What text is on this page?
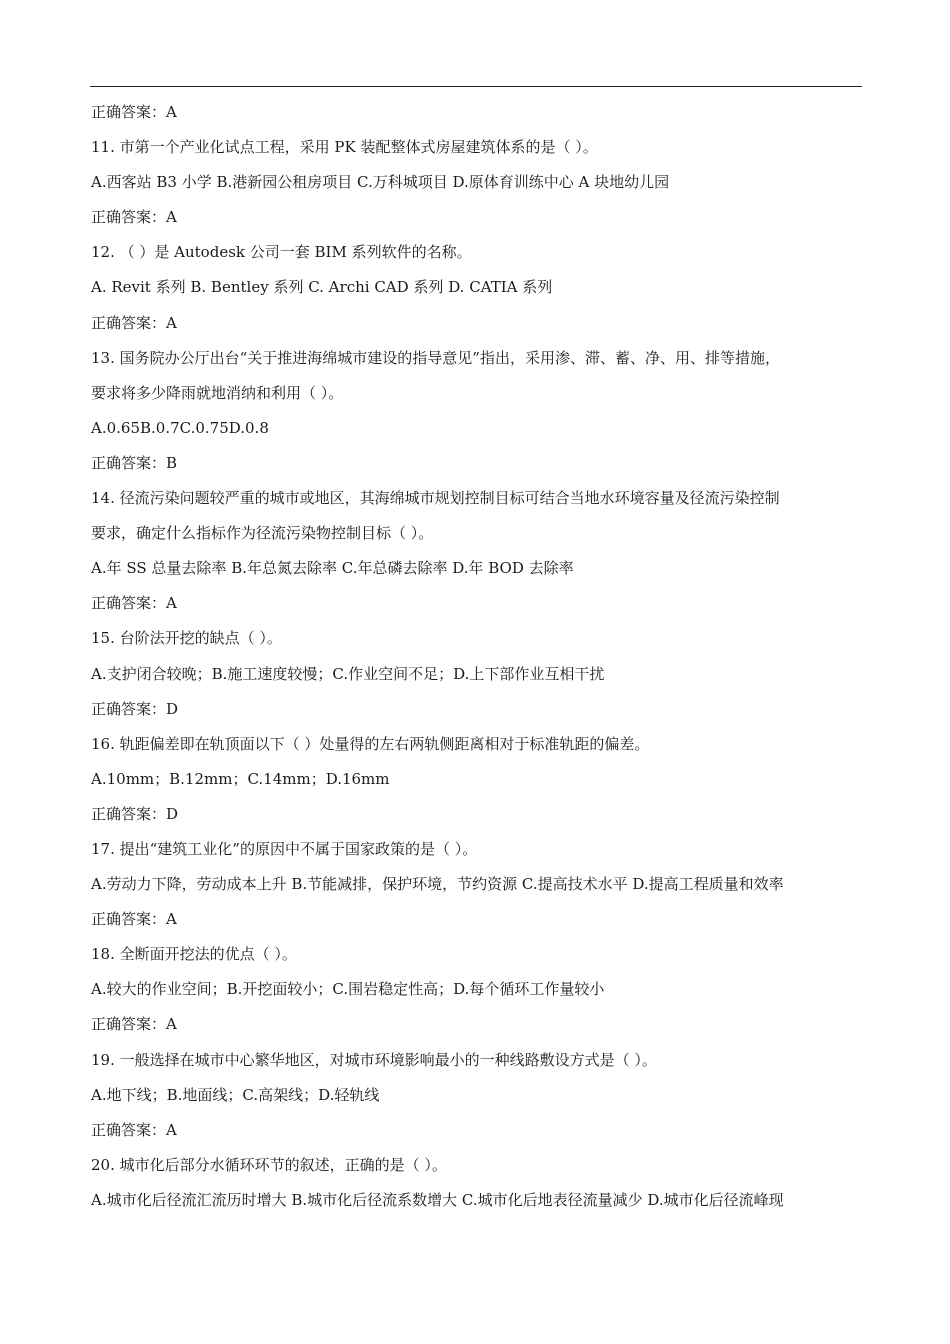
正确答案：A
11. 市第一个产业化试点工程，采用 PK 装配整体式房屋建筑体系的是（ ）。
A.西客站 B3 小学 B.港新园公租房项目 C.万科城项目 D.原体育训练中心 A 块地幼儿园
正确答案：A
12. （ ）是 Autodesk 公司一套 BIM 系列软件的名称。
A. Revit 系列 B. Bentley 系列 C. Archi CAD 系列 D. CATIA 系列
正确答案：A
13. 国务院办公厅出台“关于推进海绵城市建设的指导意见”指出，采用渗、滞、蓄、净、用、排等措施，
要求将多少降雨就地消纳和利用（ ）。
A.0.65B.0.7C.0.75D.0.8
正确答案：B
14. 径流污染问题较严重的城市或地区，其海绵城市规划控制目标可结合当地水环境容量及径流污染控制
要求，确定什么指标作为径流污染物控制目标（ ）。
A.年 SS 总量去除率 B.年总氮去除率 C.年总磷去除率 D.年 BOD 去除率
正确答案：A
15. 台阶法开挖的缺点（ ）。
A.支护闭合较晚；B.施工速度较慢；C.作业空间不足；D.上下部作业互相干扰
正确答案：D
16. 轨距偏差即在轨顶面以下（ ）处量得的左右两轨侧距离相对于标准轨距的偏差。
A.10mm；B.12mm；C.14mm；D.16mm
正确答案：D
17. 提出“建筑工业化”的原因中不属于国家政策的是（ ）。
A.劳动力下降，劳动成本上升 B.节能减排，保护环境，节约资源 C.提高技术水平 D.提高工程质量和效率
正确答案：A
18. 全断面开挖法的优点（ ）。
A.较大的作业空间；B.开挖面较小；C.围岩稳定性高；D.每个循环工作量较小
正确答案：A
19. 一般选择在城市中心繁华地区，对城市环境影响最小的一种线路敷设方式是（ ）。
A.地下线；B.地面线；C.高架线；D.轻轨线
正确答案：A
20. 城市化后部分水循环环节的叙述，正确的是（ ）。
A.城市化后径流汇流历时增大 B.城市化后径流系数增大 C.城市化后地表径流量减少 D.城市化后径流峰现
